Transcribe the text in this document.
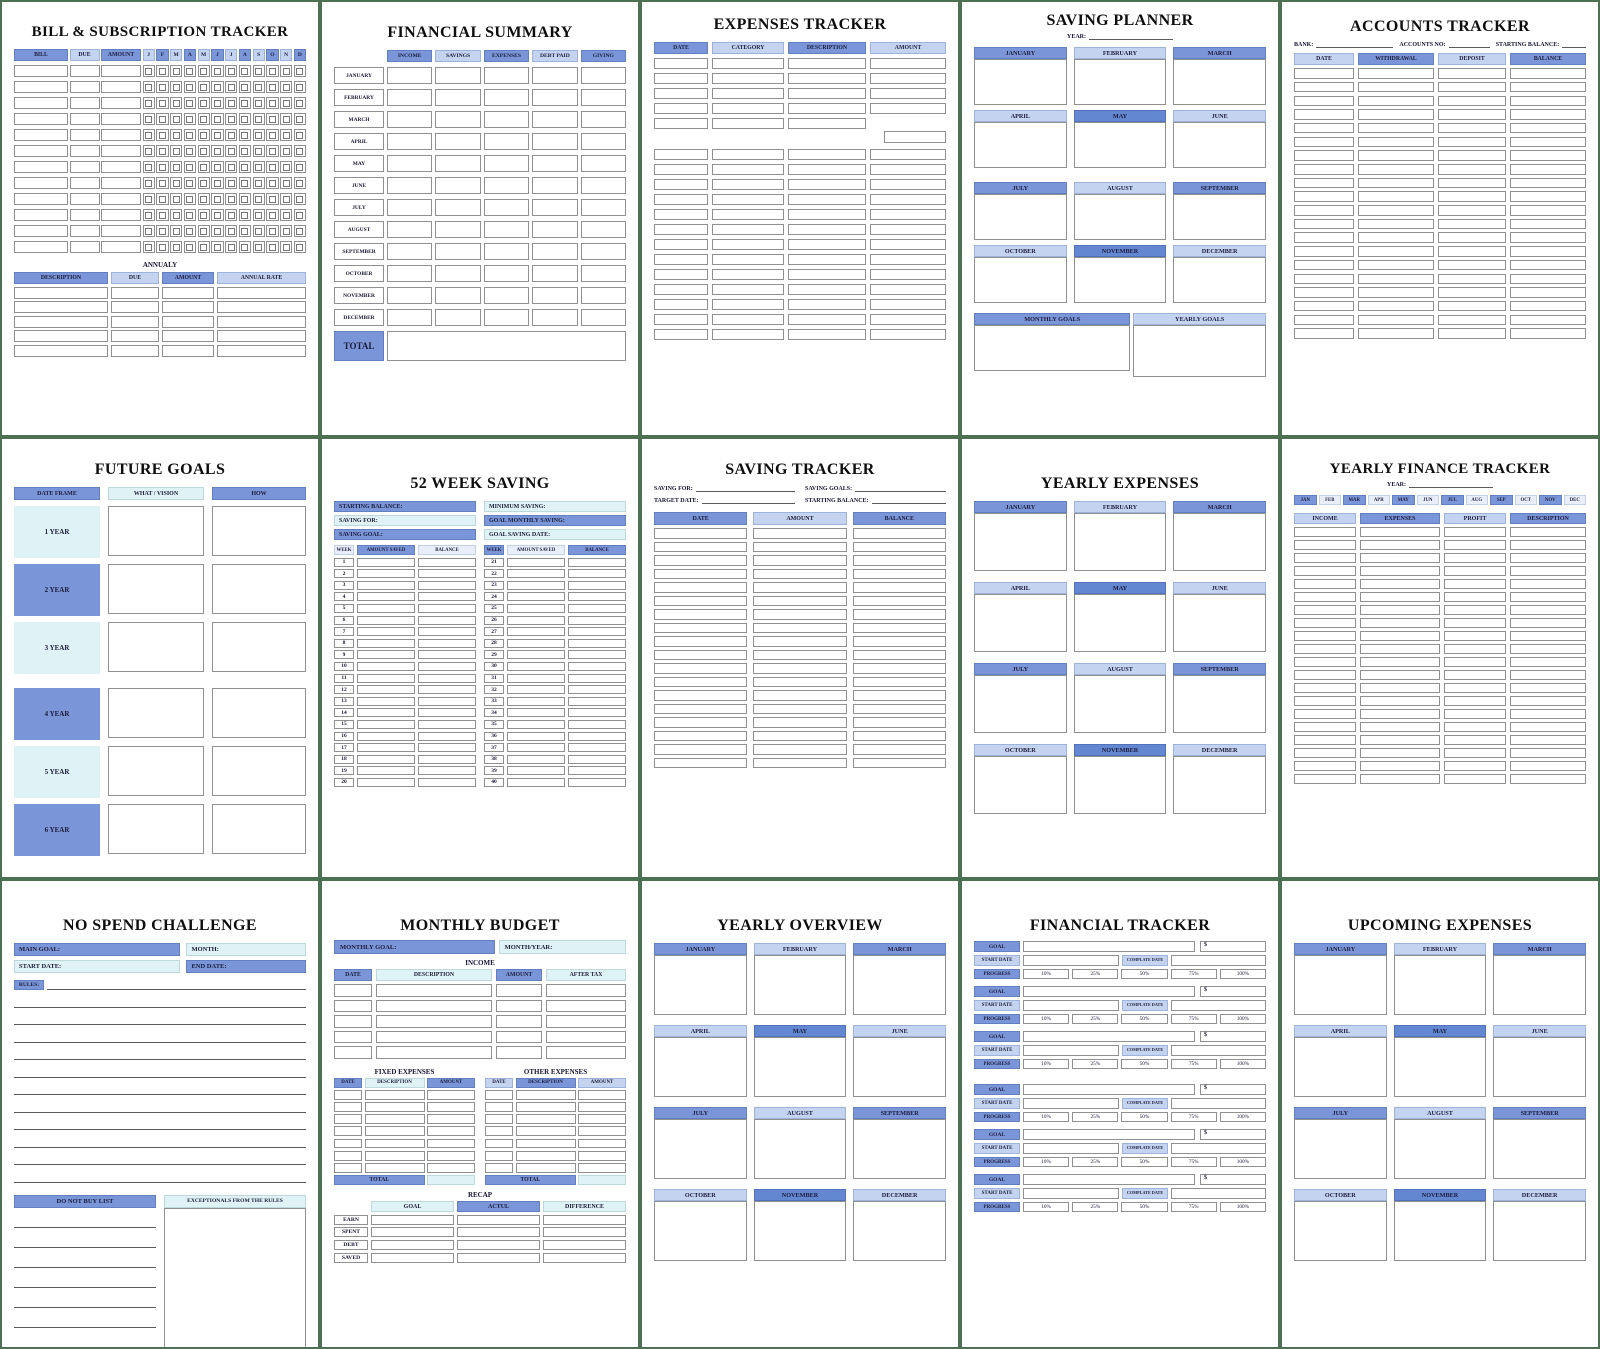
BILL & SUBSCRIPTION TRACKER
BILL	DUE	AMOUNT	J	F	M	A	M	J	J	A	S	O	N	D
ANNUALY
DESCRIPTION	DUE	AMOUNT	ANNUAL RATE
FINANCIAL SUMMARY
INCOME	SAVINGS	EXPENSES	DEBT PAID	GIVING
JANUARY
FEBRUARY
MARCH
APRIL
MAY
JUNE
JULY
AUGUST
SEPTEMBER
OCTOBER
NOVEMBER
DECEMBER
TOTAL
EXPENSES TRACKER
DATE	CATEGORY	DESCRIPTION	AMOUNT
SAVING PLANNER
YEAR:
JANUARY	FEBRUARY	MARCH
APRIL	MAY	JUNE
JULY	AUGUST	SEPTEMBER
OCTOBER	NOVEMBER	DECEMBER
MONTHLY GOALS	YEARLY GOALS
ACCOUNTS TRACKER
BANK:	ACCOUNTS NO:	STARTING BALANCE:
DATE	WITHDRAWAL	DEPOSIT	BALANCE
FUTURE GOALS
DATE FRAME	WHAT / VISION	HOW
1 YEAR
2 YEAR
3 YEAR
4 YEAR
5 YEAR
6 YEAR
52 WEEK SAVING
STARTING BALANCE:	MINIMUM SAVING:
SAVING FOR:	GOAL MONTHLY SAVING:
SAVING GOAL:	GOAL SAVING DATE:
WEEK	AMOUNT SAVED	BALANCE
1
2
3
4
5
6
7
8
9
10
11
12
13
14
15
16
17
18
19
20
WEEK	AMOUNT SAVED	BALANCE
21
22
23
24
25
26
27
28
29
30
31
32
33
34
35
36
37
38
39
40
SAVING TRACKER
SAVING FOR:	SAVING GOALS:
TARGET DATE:	STARTING BALANCE:
DATE	AMOUNT	BALANCE
YEARLY EXPENSES
JANUARY	FEBRUARY	MARCH
APRIL	MAY	JUNE
JULY	AUGUST	SEPTEMBER
OCTOBER	NOVEMBER	DECEMBER
YEARLY FINANCE TRACKER
YEAR:
JAN	FEB	MAR	APR	MAY	JUN	JUL	AUG	SEP	OCT	NOV	DEC
INCOME	EXPENSES	PROFIT	DESCRIPTION
NO SPEND CHALLENGE
MAIN GOAL:	MONTH:
START DATE:	END DATE:
RULES:
DO NOT BUY LIST	EXCEPTIONALS FROM THE RULES
MONTHLY BUDGET
MONTHLY GOAL:	MONTH/YEAR:
INCOME
DATE	DESCRIPTION	AMOUNT	AFTER TAX
FIXED EXPENSES
DATE	DESCRIPTION	AMOUNT
TOTAL
OTHER EXPENSES
DATE	DESCRIPTION	AMOUNT
TOTAL
RECAP
GOAL	ACTUL	DIFFERENCE
EARN
SPENT
DEBT
SAVED
YEARLY OVERVIEW
JANUARY	FEBRUARY	MARCH
APRIL	MAY	JUNE
JULY	AUGUST	SEPTEMBER
OCTOBER	NOVEMBER	DECEMBER
FINANCIAL TRACKER
GOAL	$
START DATE	COMPLATE DATE
PROGRESS	10%	25%	50%	75%	100%
GOAL	$
START DATE	COMPLATE DATE
PROGRESS	10%	25%	50%	75%	100%
GOAL	$
START DATE	COMPLATE DATE
PROGRESS	10%	25%	50%	75%	100%
GOAL	$
START DATE	COMPLATE DATE
PROGRESS	10%	25%	50%	75%	100%
GOAL	$
START DATE	COMPLATE DATE
PROGRESS	10%	25%	50%	75%	100%
GOAL	$
START DATE	COMPLATE DATE
PROGRESS	10%	25%	50%	75%	100%
UPCOMING EXPENSES
JANUARY	FEBRUARY	MARCH
APRIL	MAY	JUNE
JULY	AUGUST	SEPTEMBER
OCTOBER	NOVEMBER	DECEMBER
